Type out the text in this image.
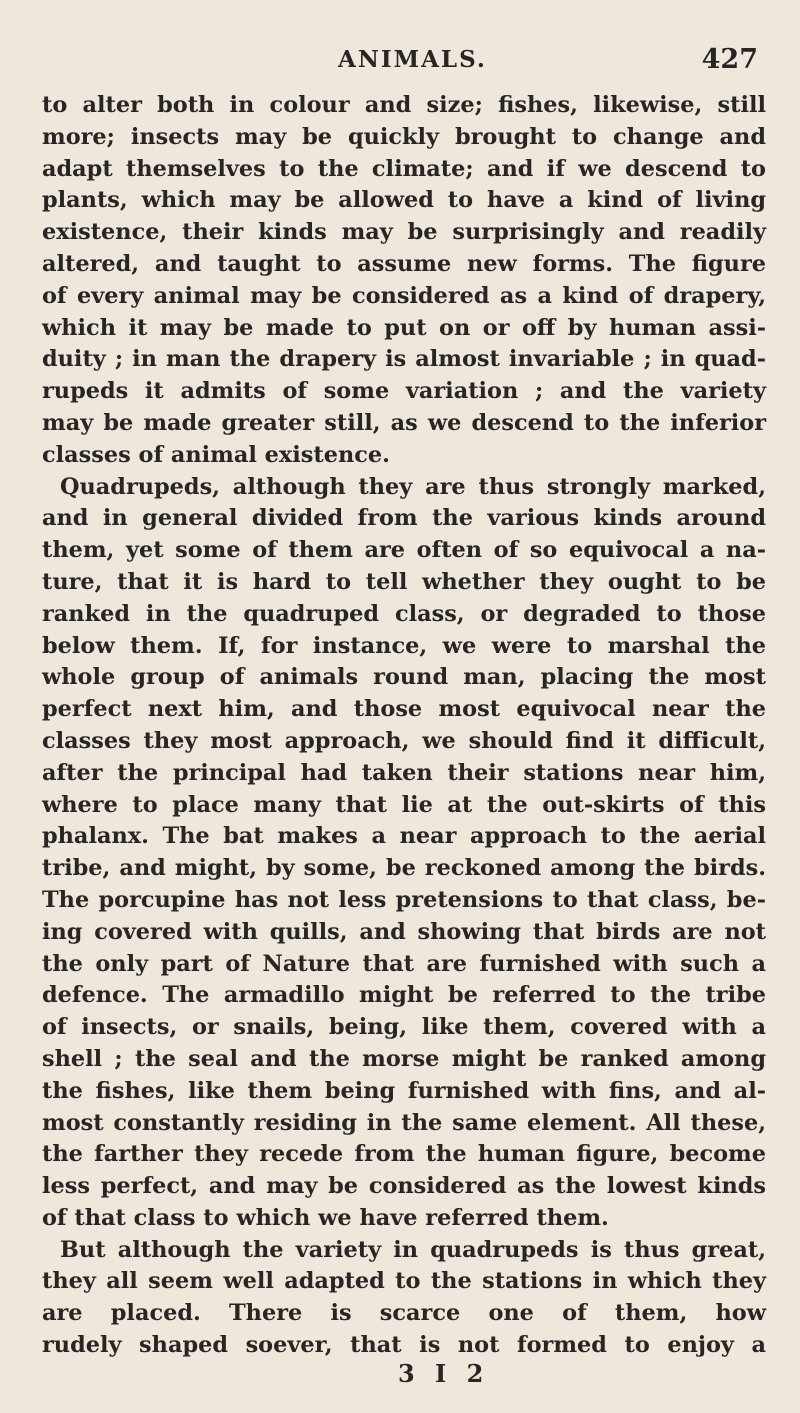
ANIMALS.	427
to alter both in colour and size; fishes, likewise, still
more; insects may be quickly brought to change and
adapt themselves to the climate; and if we descend to
plants, which may be allowed to have a kind of living
existence, their kinds may be surprisingly and readily
altered, and taught to assume new forms. The figure
of every animal may be considered as a kind of drapery,
which it may be made to put on or off by human assi-
duity ; in man the drapery is almost invariable ; in quad-
rupeds it admits of some variation ; and the variety
may be made greater still, as we descend to the inferior
classes of animal existence.
Quadrupeds, although they are thus strongly marked,
and in general divided from the various kinds around
them, yet some of them are often of so equivocal a na-
ture, that it is hard to tell whether they ought to be
ranked in the quadruped class, or degraded to those
below them. If, for instance, we were to marshal the
whole group of animals round man, placing the most
perfect next him, and those most equivocal near the
classes they most approach, we should find it difficult,
after the principal had taken their stations near him,
where to place many that lie at the out-skirts of this
phalanx. The bat makes a near approach to the aerial
tribe, and might, by some, be reckoned among the birds.
The porcupine has not less pretensions to that class, be-
ing covered with quills, and showing that birds are not
the only part of Nature that are furnished with such a
defence. The armadillo might be referred to the tribe
of insects, or snails, being, like them, covered with a
shell ; the seal and the morse might be ranked among
the fishes, like them being furnished with fins, and al-
most constantly residing in the same element. All these,
the farther they recede from the human figure, become
less perfect, and may be considered as the lowest kinds
of that class to which we have referred them.
But although the variety in quadrupeds is thus great,
they all seem well adapted to the stations in which they
are placed. There is scarce one of them, how
rudely shaped soever, that is not formed to enjoy a
3 I 2
